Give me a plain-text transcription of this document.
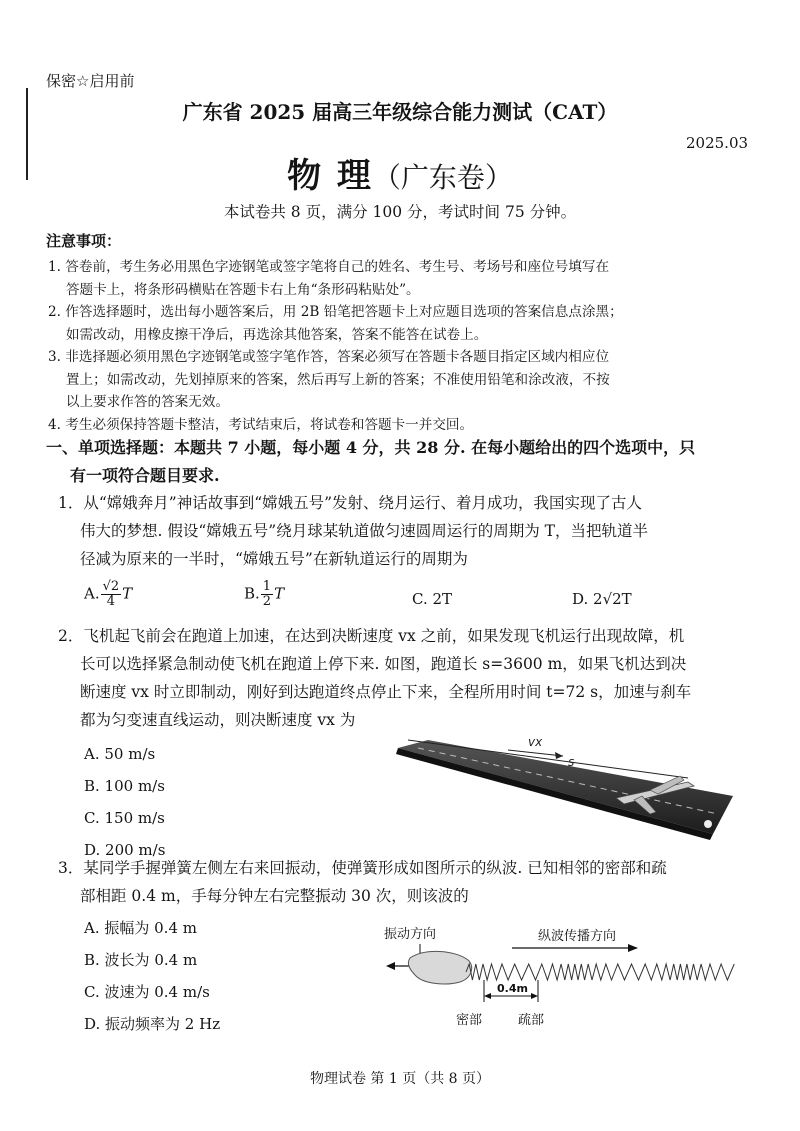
保密☆启用前
广东省 2025 届高三年级综合能力测试（CAT）
2025.03
物 理（广东卷）
本试卷共 8 页，满分 100 分，考试时间 75 分钟。
注意事项：
1. 答卷前，考生务必用黑色字迹钢笔或签字笔将自己的姓名、考生号、考场号和座位号填写在
　 答题卡上，将条形码横贴在答题卡右上角“条形码粘贴处”。
2. 作答选择题时，选出每小题答案后，用 2B 铅笔把答题卡上对应题目选项的答案信息点涂黑；
　 如需改动，用橡皮擦干净后，再选涂其他答案，答案不能答在试卷上。
3. 非选择题必须用黑色字迹钢笔或签字笔作答，答案必须写在答题卡各题目指定区域内相应位
　 置上；如需改动，先划掉原来的答案，然后再写上新的答案；不准使用铅笔和涂改液，不按
　 以上要求作答的答案无效。
4. 考生必须保持答题卡整洁，考试结束后，将试卷和答题卡一并交回。
一、单项选择题：本题共 7 小题，每小题 4 分，共 28 分. 在每小题给出的四个选项中，只
有一项符合题目要求.
1．从“嫦娥奔月”神话故事到“嫦娥五号”发射、绕月运行、着月成功，我国实现了古人
伟大的梦想. 假设“嫦娥五号”绕月球某轨道做匀速圆周运行的周期为 T，当把轨道半
径减为原来的一半时，“嫦娥五号”在新轨道运行的周期为
A. $\frac{√2}{4}$ T	B. $\frac{1}{2}$ T	C. 2T	D. 2√2T
2．飞机起飞前会在跑道上加速，在达到决断速度 vx 之前，如果发现飞机运行出现故障，机
长可以选择紧急制动使飞机在跑道上停下来. 如图，跑道长 s=3600 m，如果飞机达到决
断速度 vx 时立即制动，刚好到达跑道终点停止下来，全程所用时间 t=72 s，加速与刹车
都为匀变速直线运动，则决断速度 vx 为
A. 50 m/s
B. 100 m/s
C. 150 m/s
D. 200 m/s
vx
s
3．某同学手握弹簧左侧左右来回振动，使弹簧形成如图所示的纵波. 已知相邻的密部和疏
部相距 0.4 m，手每分钟左右完整振动 30 次，则该波的
A. 振幅为 0.4 m
B. 波长为 0.4 m
C. 波速为 0.4 m/s
D. 振动频率为 2 Hz
振动方向	纵波传播方向
0.4m
密部	疏部
物理试卷 第 1 页（共 8 页）
